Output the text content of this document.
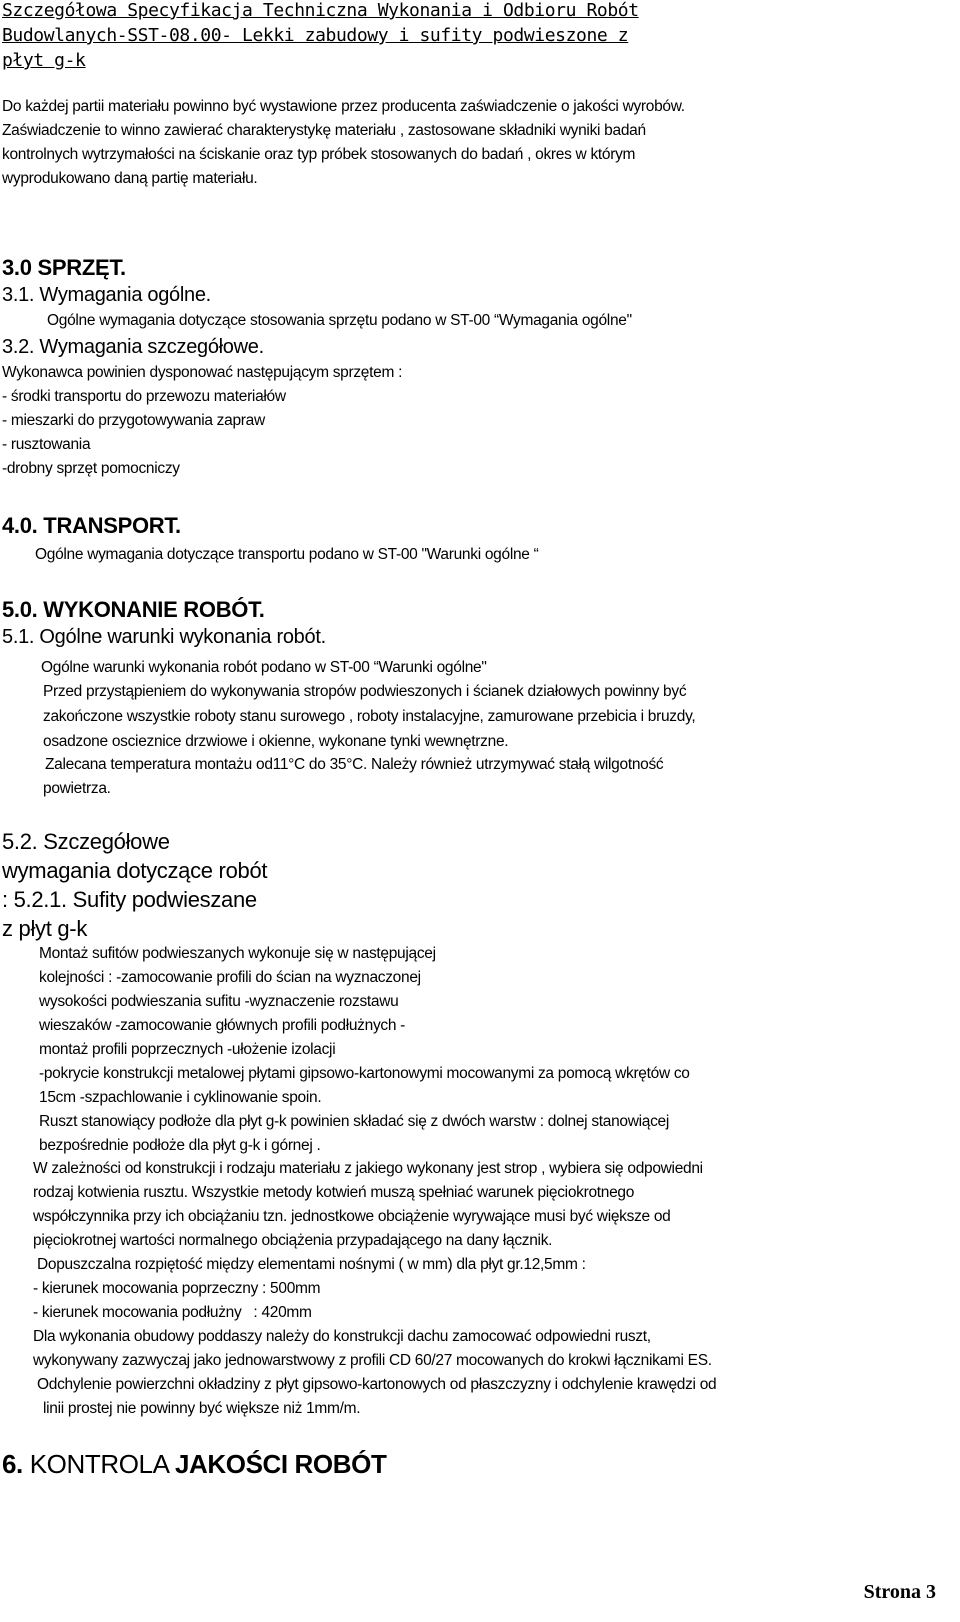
Szczegółowa Specyfikacja Techniczna Wykonania i Odbioru Robót
Budowlanych-SST-08.00- Lekki zabudowy i sufity podwieszone z
płyt g-k
Do każdej partii materiału powinno być wystawione przez producenta zaświadczenie o jakości wyrobów.
Zaświadczenie to winno zawierać charakterystykę materiału , zastosowane składniki wyniki badań
kontrolnych wytrzymałości na ściskanie oraz typ próbek stosowanych do badań , okres w którym
wyprodukowano daną partię materiału.
3.0 SPRZĘT.
3.1. Wymagania ogólne.
Ogólne wymagania dotyczące stosowania sprzętu podano w ST-00 “Wymagania ogólne"
3.2. Wymagania szczegółowe.
Wykonawca powinien dysponować następującym sprzętem :
- środki transportu do przewozu materiałów
- mieszarki do przygotowywania zapraw
- rusztowania
-drobny sprzęt pomocniczy
4.0. TRANSPORT.
Ogólne wymagania dotyczące transportu podano w ST-00 "Warunki ogólne “
5.0. WYKONANIE ROBÓT.
5.1. Ogólne warunki wykonania robót.
Ogólne warunki wykonania robót podano w ST-00 “Warunki ogólne"
Przed przystąpieniem do wykonywania stropów podwieszonych i ścianek działowych powinny być
zakończone wszystkie roboty stanu surowego , roboty instalacyjne, zamurowane przebicia i bruzdy,
osadzone oscieznice drzwiowe i okienne, wykonane tynki wewnętrzne.
Zalecana temperatura montażu od11°C do 35°C. Należy również utrzymywać stałą wilgotność
powietrza.
5.2. Szczegółowe
wymagania dotyczące robót
: 5.2.1. Sufity podwieszane
z płyt g-k
Montaż sufitów podwieszanych wykonuje się w następującej
kolejności : -zamocowanie profili do ścian na wyznaczonej
wysokości podwieszania sufitu -wyznaczenie rozstawu
wieszaków -zamocowanie głównych profili podłużnych -
montaż profili poprzecznych -ułożenie izolacji
-pokrycie konstrukcji metalowej płytami gipsowo-kartonowymi mocowanymi za pomocą wkrętów co
15cm -szpachlowanie i cyklinowanie spoin.
Ruszt stanowiący podłoże dla płyt g-k powinien składać się z dwóch warstw : dolnej stanowiącej
bezpośrednie podłoże dla płyt g-k i górnej .
W zależności od konstrukcji i rodzaju materiału z jakiego wykonany jest strop , wybiera się odpowiedni
rodzaj kotwienia rusztu. Wszystkie metody kotwień muszą spełniać warunek pięciokrotnego
współczynnika przy ich obciążaniu tzn. jednostkowe obciążenie wyrywające musi być większe od
pięciokrotnej wartości normalnego obciążenia przypadającego na dany łącznik.
Dopuszczalna rozpiętość między elementami nośnymi ( w mm) dla płyt gr.12,5mm :
- kierunek mocowania poprzeczny : 500mm
- kierunek mocowania podłużny   : 420mm
Dla wykonania obudowy poddaszy należy do konstrukcji dachu zamocować odpowiedni ruszt,
wykonywany zazwyczaj jako jednowarstwowy z profili CD 60/27 mocowanych do krokwi łącznikami ES.
Odchylenie powierzchni okładziny z płyt gipsowo-kartonowych od płaszczyzny i odchylenie krawędzi od
linii prostej nie powinny być większe niż 1mm/m.
6. KONTROLA JAKOŚCI ROBÓT
Strona 3
